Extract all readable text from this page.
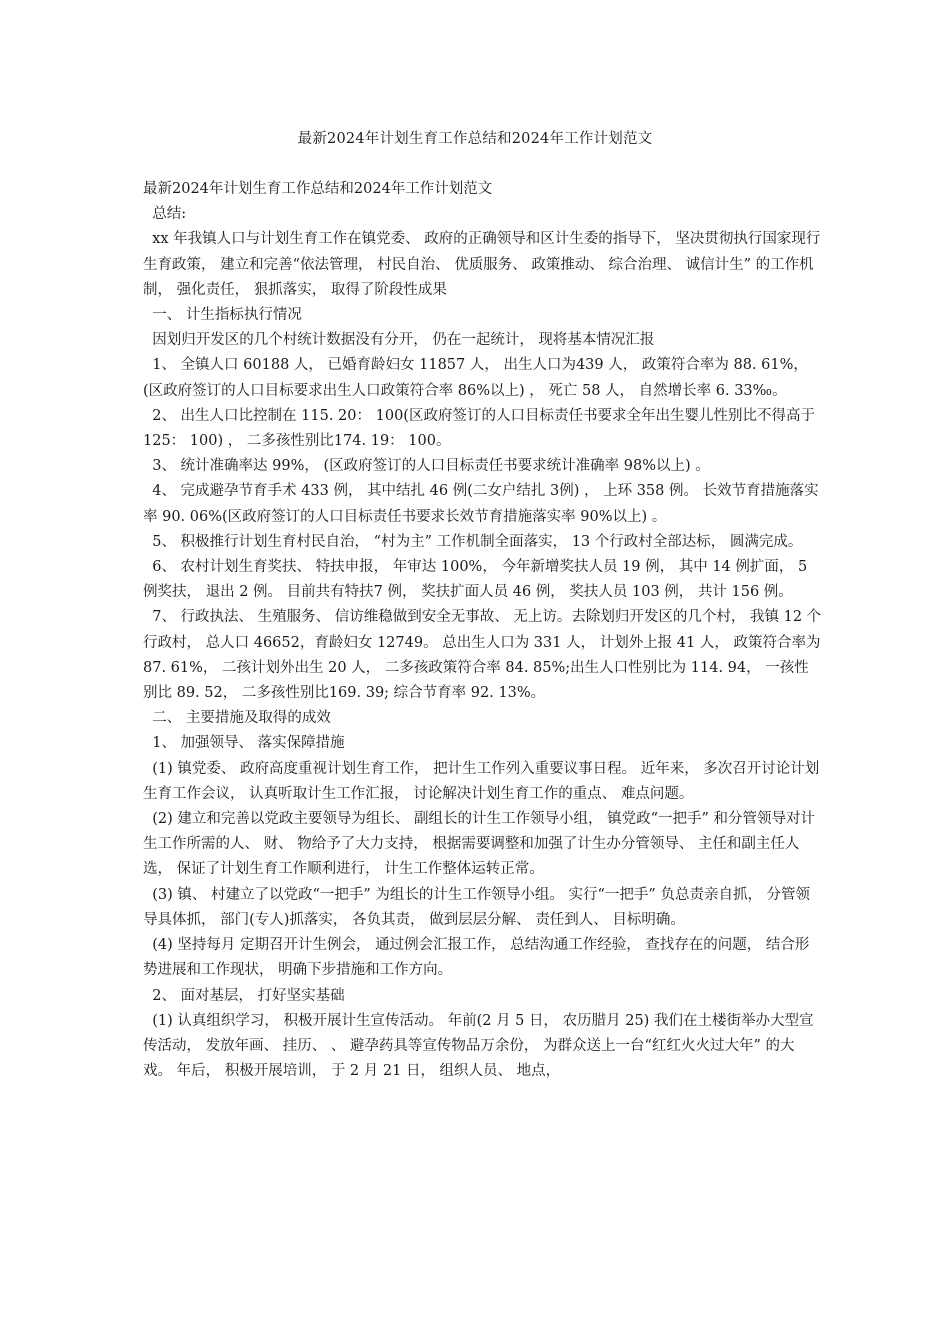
最新2024年计划生育工作总结和2024年工作计划范文

最新2024年计划生育工作总结和2024年工作计划范文

总结:

xx 年我镇人口与计划生育工作在镇党委、 政府的正确领导和区计生委的指导下， 坚决贯彻执行国家现行生育政策， 建立和完善“依法管理， 村民自治、 优质服务、 政策推动、 综合治理、 诚信计生” 的工作机制， 强化责任， 狠抓落实， 取得了阶段性成果

一、 计生指标执行情况

因划归开发区的几个村统计数据没有分开， 仍在一起统计， 现将基本情况汇报

1、 全镇人口 60188 人， 已婚育龄妇女 11857 人， 出生人口为439 人， 政策符合率为 88. 61%， (区政府签订的人口目标要求出生人口政策符合率 86%以上) ， 死亡 58 人， 自然增长率 6. 33‰。

2、 出生人口比控制在 115. 20： 100(区政府签订的人口目标责任书要求全年出生婴儿性别比不得高于 125： 100) ， 二多孩性别比174. 19： 100。

3、 统计准确率达 99%， (区政府签订的人口目标责任书要求统计准确率 98%以上) 。

4、 完成避孕节育手术 433 例， 其中结扎 46 例(二女户结扎 3例) ， 上环 358 例。 长效节育措施落实率 90. 06%(区政府签订的人口目标责任书要求长效节育措施落实率 90%以上) 。

5、 积极推行计划生育村民自治， “村为主” 工作机制全面落实， 13 个行政村全部达标， 圆满完成。

6、 农村计划生育奖扶、 特扶申报， 年审达 100%， 今年新增奖扶人员 19 例， 其中 14 例扩面， 5 例奖扶， 退出 2 例。 目前共有特扶7 例， 奖扶扩面人员 46 例， 奖扶人员 103 例， 共计 156 例。

7、 行政执法、 生殖服务、 信访维稳做到安全无事故、 无上访。去除划归开发区的几个村， 我镇 12 个行政村， 总人口 46652，育龄妇女 12749。 总出生人口为 331 人， 计划外上报 41 人， 政策符合率为 87. 61%， 二孩计划外出生 20 人， 二多孩政策符合率 84. 85%;出生人口性别比为 114. 94， 一孩性别比 89. 52， 二多孩性别比169. 39; 综合节育率 92. 13%。

二、 主要措施及取得的成效

1、 加强领导、 落实保障措施

(1) 镇党委、 政府高度重视计划生育工作， 把计生工作列入重要议事日程。 近年来， 多次召开讨论计划生育工作会议， 认真听取计生工作汇报， 讨论解决计划生育工作的重点、 难点问题。

(2) 建立和完善以党政主要领导为组长、 副组长的计生工作领导小组， 镇党政“一把手” 和分管领导对计生工作所需的人、 财、 物给予了大力支持， 根据需要调整和加强了计生办分管领导、 主任和副主任人选， 保证了计划生育工作顺利进行， 计生工作整体运转正常。

(3) 镇、 村建立了以党政“一把手” 为组长的计生工作领导小组。 实行“一把手” 负总责亲自抓， 分管领导具体抓， 部门(专人)抓落实， 各负其责， 做到层层分解、 责任到人、 目标明确。

(4) 坚持每月 定期召开计生例会， 通过例会汇报工作， 总结沟通工作经验， 查找存在的问题， 结合形势进展和工作现状， 明确下步措施和工作方向。

2、 面对基层， 打好坚实基础

(1) 认真组织学习， 积极开展计生宣传活动。 年前(2 月 5 日， 农历腊月 25) 我们在土楼街举办大型宣传活动， 发放年画、 挂历、 、 避孕药具等宣传物品万余份， 为群众送上一台“红红火火过大年” 的大戏。 年后， 积极开展培训， 于 2 月 21 日， 组织人员、 地点，
